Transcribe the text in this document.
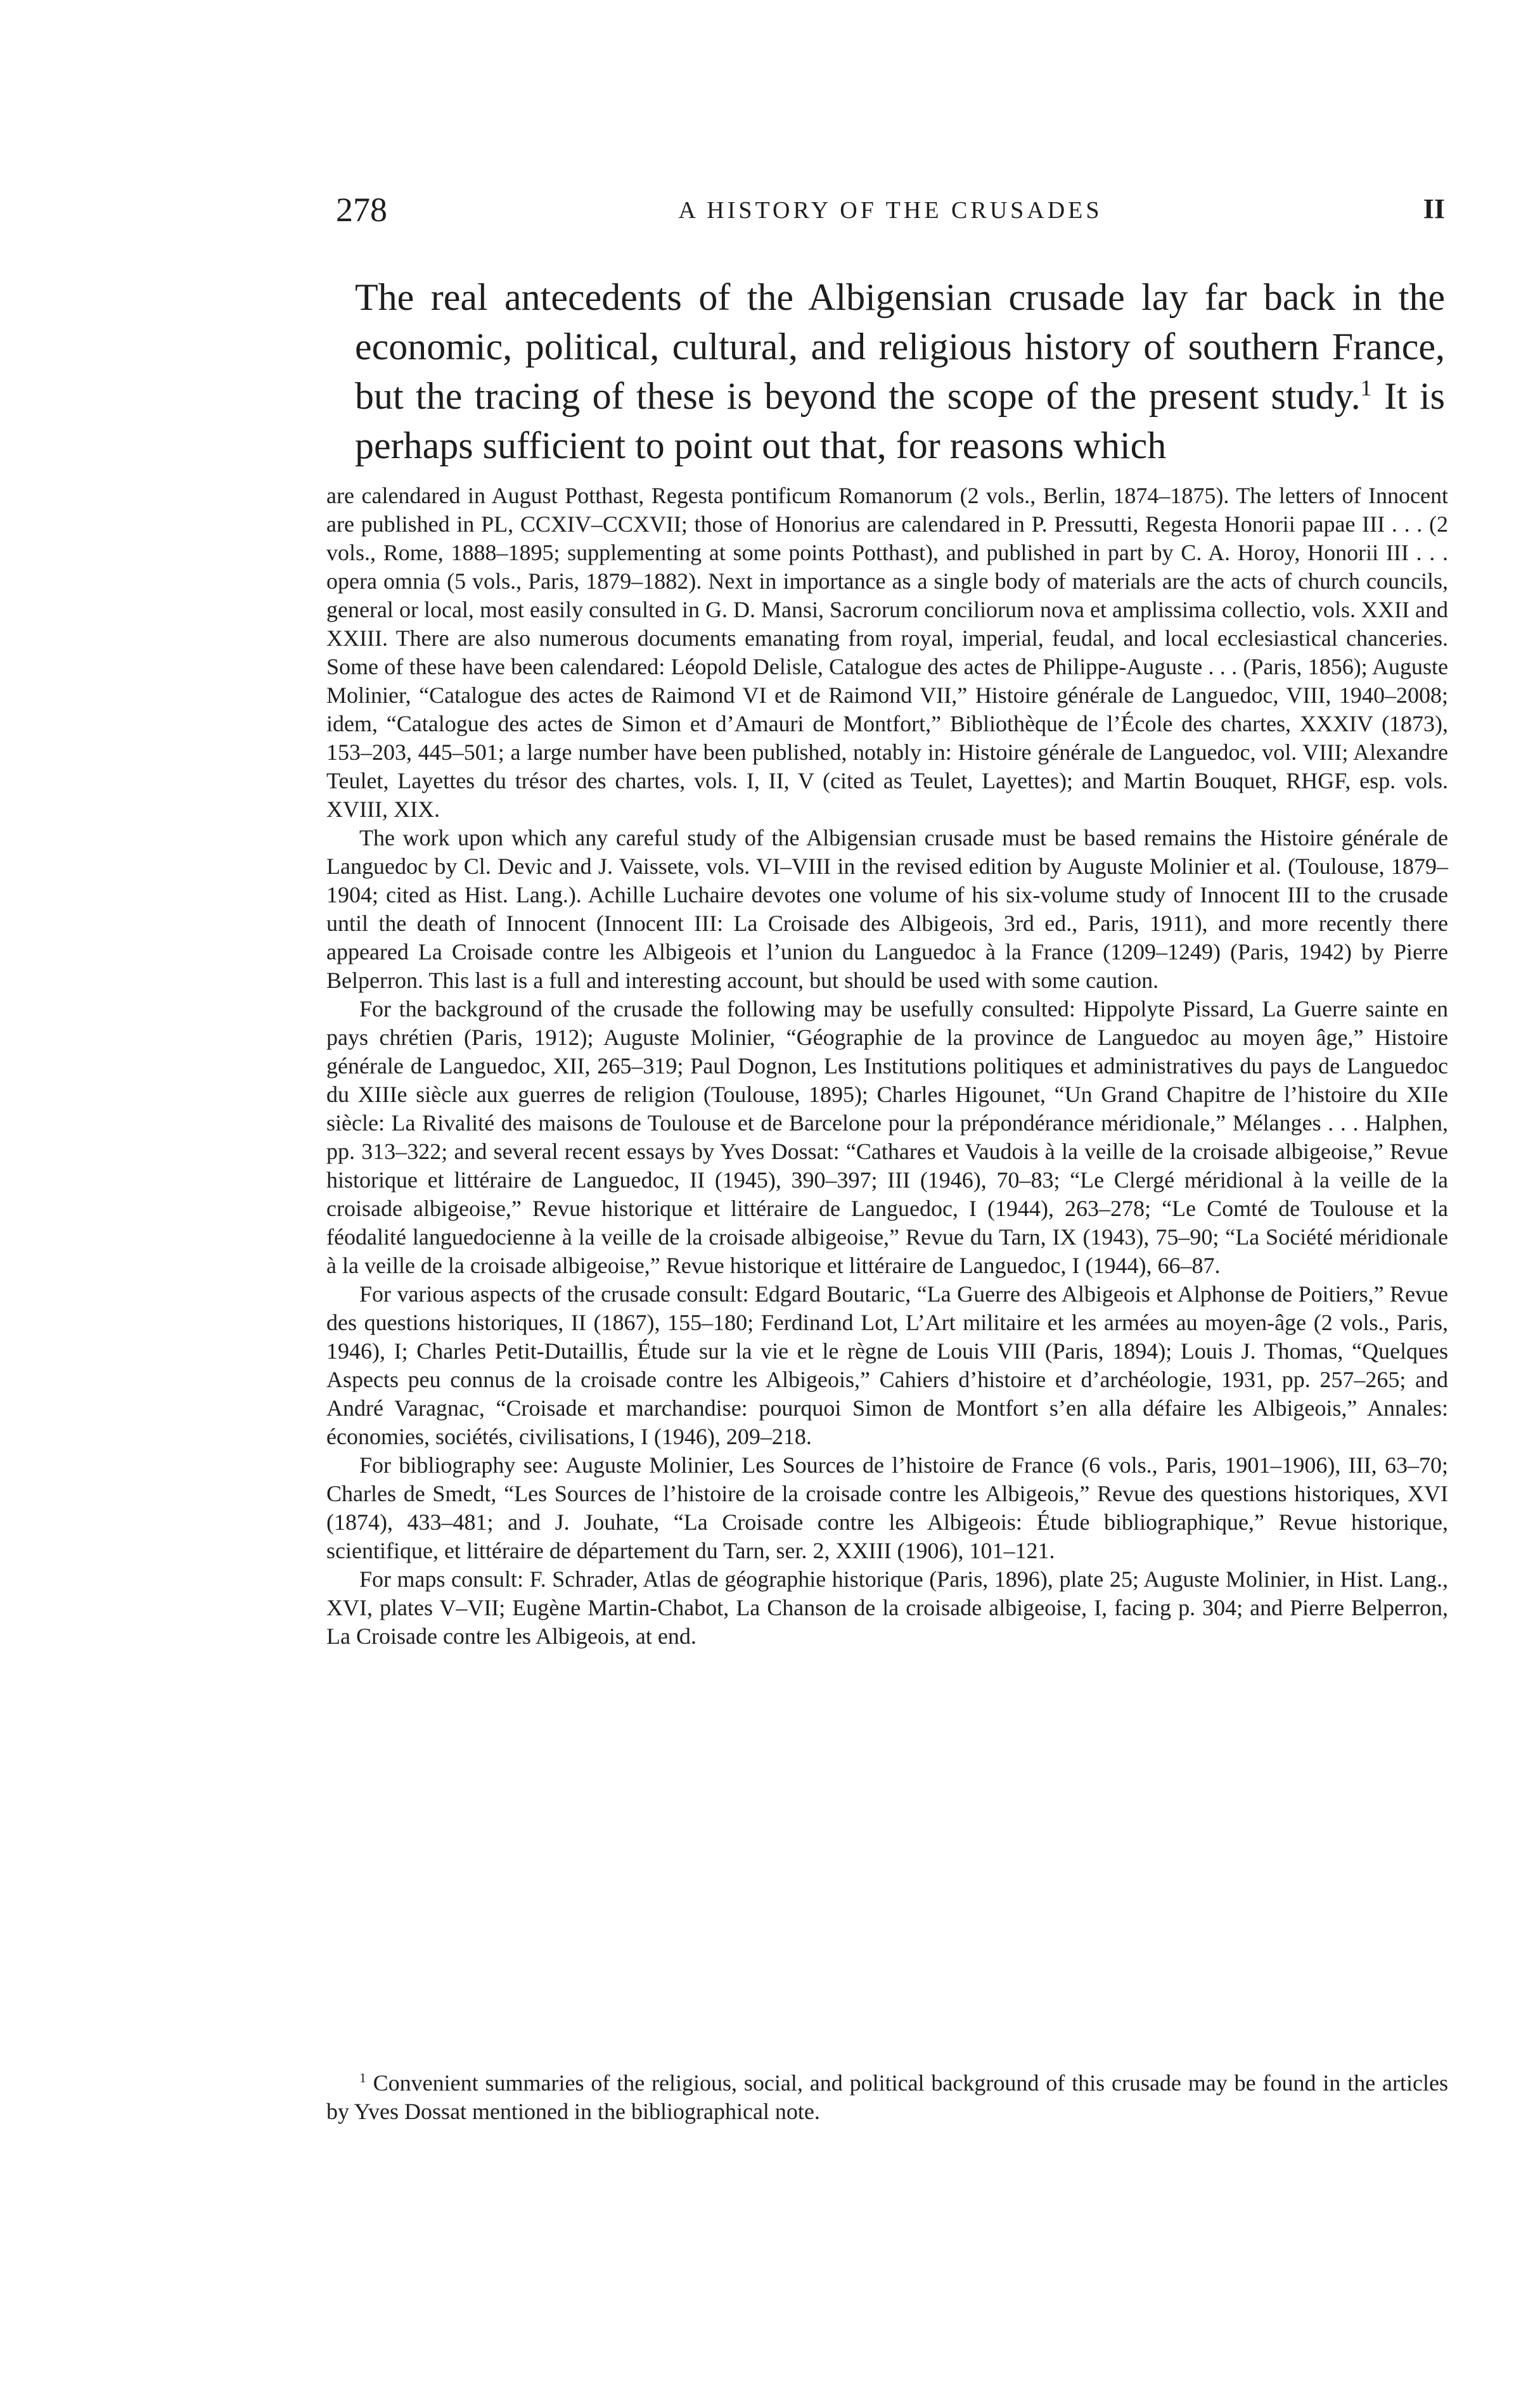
278	A HISTORY OF THE CRUSADES	II

The real antecedents of the Albigensian crusade lay far back in the economic, political, cultural, and religious history of southern France, but the tracing of these is beyond the scope of the present study.$^1$ It is perhaps sufficient to point out that, for reasons which

are calendared in August Potthast, Regesta pontificum Romanorum (2 vols., Berlin, 1874–1875). The letters of Innocent are published in PL, CCXIV–CCXVII; those of Honorius are calendared in P. Pressutti, Regesta Honorii papae III . . . (2 vols., Rome, 1888–1895; supplementing at some points Potthast), and published in part by C. A. Horoy, Honorii III . . . opera omnia (5 vols., Paris, 1879–1882). Next in importance as a single body of materials are the acts of church councils, general or local, most easily consulted in G. D. Mansi, Sacrorum conciliorum nova et amplissima collectio, vols. XXII and XXIII. There are also numerous documents emanating from royal, imperial, feudal, and local ecclesiastical chanceries. Some of these have been calendared: Léopold Delisle, Catalogue des actes de Philippe-Auguste . . . (Paris, 1856); Auguste Molinier, “Catalogue des actes de Raimond VI et de Raimond VII,” Histoire générale de Languedoc, VIII, 1940–2008; idem, “Catalogue des actes de Simon et d’Amauri de Montfort,” Bibliothèque de l’École des chartes, XXXIV (1873), 153–203, 445–501; a large number have been published, notably in: Histoire générale de Languedoc, vol. VIII; Alexandre Teulet, Layettes du trésor des chartes, vols. I, II, V (cited as Teulet, Layettes); and Martin Bouquet, RHGF, esp. vols. XVIII, XIX.

The work upon which any careful study of the Albigensian crusade must be based remains the Histoire générale de Languedoc by Cl. Devic and J. Vaissete, vols. VI–VIII in the revised edition by Auguste Molinier et al. (Toulouse, 1879–1904; cited as Hist. Lang.). Achille Luchaire devotes one volume of his six-volume study of Innocent III to the crusade until the death of Innocent (Innocent III: La Croisade des Albigeois, 3rd ed., Paris, 1911), and more recently there appeared La Croisade contre les Albigeois et l’union du Languedoc à la France (1209–1249) (Paris, 1942) by Pierre Belperron. This last is a full and interesting account, but should be used with some caution.

For the background of the crusade the following may be usefully consulted: Hippolyte Pissard, La Guerre sainte en pays chrétien (Paris, 1912); Auguste Molinier, “Géographie de la province de Languedoc au moyen âge,” Histoire générale de Languedoc, XII, 265–319; Paul Dognon, Les Institutions politiques et administratives du pays de Languedoc du XIIIe siècle aux guerres de religion (Toulouse, 1895); Charles Higounet, “Un Grand Chapitre de l’histoire du XIIe siècle: La Rivalité des maisons de Toulouse et de Barcelone pour la prépondérance méridionale,” Mélanges . . . Halphen, pp. 313–322; and several recent essays by Yves Dossat: “Cathares et Vaudois à la veille de la croisade albigeoise,” Revue historique et littéraire de Languedoc, II (1945), 390–397; III (1946), 70–83; “Le Clergé méridional à la veille de la croisade albigeoise,” Revue historique et littéraire de Languedoc, I (1944), 263–278; “Le Comté de Toulouse et la féodalité languedocienne à la veille de la croisade albigeoise,” Revue du Tarn, IX (1943), 75–90; “La Société méridionale à la veille de la croisade albigeoise,” Revue historique et littéraire de Languedoc, I (1944), 66–87.

For various aspects of the crusade consult: Edgard Boutaric, “La Guerre des Albigeois et Alphonse de Poitiers,” Revue des questions historiques, II (1867), 155–180; Ferdinand Lot, L’Art militaire et les armées au moyen-âge (2 vols., Paris, 1946), I; Charles Petit-Dutaillis, Étude sur la vie et le règne de Louis VIII (Paris, 1894); Louis J. Thomas, “Quelques Aspects peu connus de la croisade contre les Albigeois,” Cahiers d’histoire et d’archéologie, 1931, pp. 257–265; and André Varagnac, “Croisade et marchandise: pourquoi Simon de Montfort s’en alla défaire les Albigeois,” Annales: économies, sociétés, civilisations, I (1946), 209–218.

For bibliography see: Auguste Molinier, Les Sources de l’histoire de France (6 vols., Paris, 1901–1906), III, 63–70; Charles de Smedt, “Les Sources de l’histoire de la croisade contre les Albigeois,” Revue des questions historiques, XVI (1874), 433–481; and J. Jouhate, “La Croisade contre les Albigeois: Étude bibliographique,” Revue historique, scientifique, et littéraire de département du Tarn, ser. 2, XXIII (1906), 101–121.

For maps consult: F. Schrader, Atlas de géographie historique (Paris, 1896), plate 25; Auguste Molinier, in Hist. Lang., XVI, plates V–VII; Eugène Martin-Chabot, La Chanson de la croisade albigeoise, I, facing p. 304; and Pierre Belperron, La Croisade contre les Albigeois, at end.

$^1$ Convenient summaries of the religious, social, and political background of this crusade may be found in the articles by Yves Dossat mentioned in the bibliographical note.
